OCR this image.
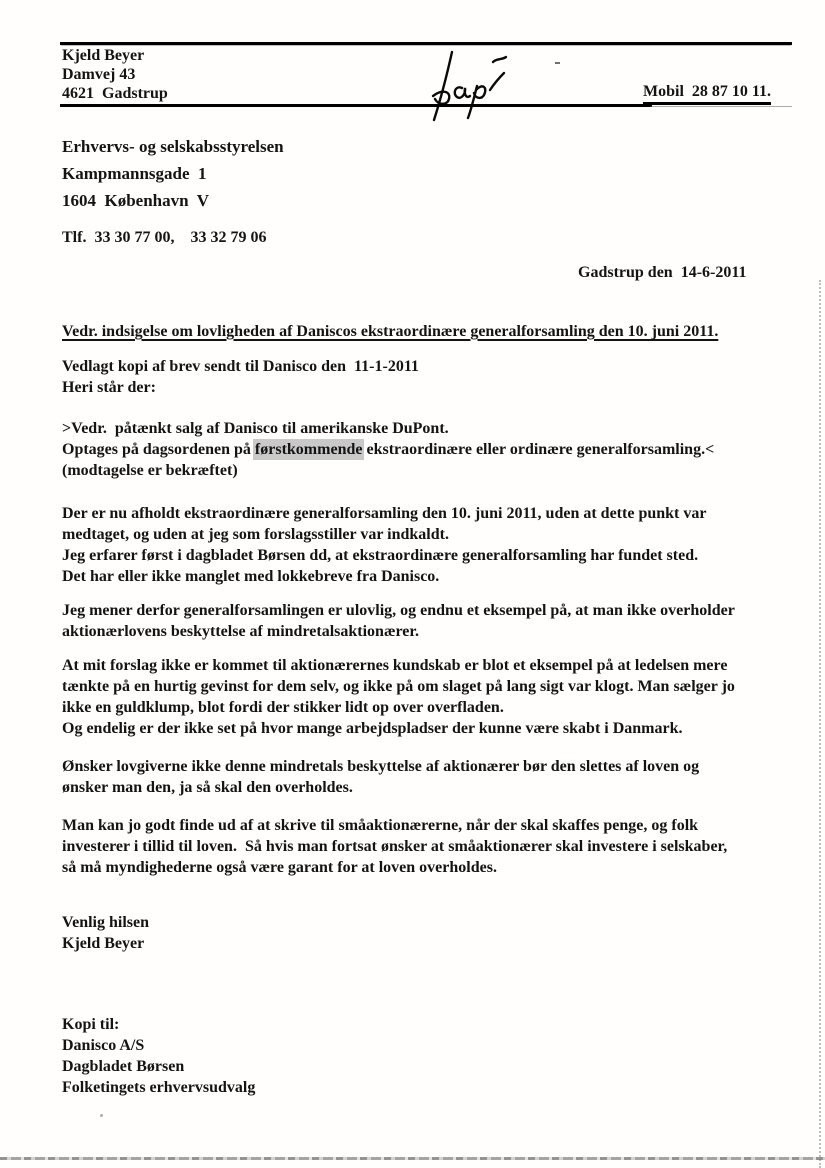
Kjeld Beyer
Damvej 43
4621  Gadstrup	Mobil  28 87 10 11.
Erhvervs- og selskabsstyrelsen
Kampmannsgade  1
1604  København  V
Tlf.  33 30 77 00,    33 32 79 06
Gadstrup den  14-6-2011
Vedr. indsigelse om lovligheden af Daniscos ekstraordinære generalforsamling den 10. juni 2011.
Vedlagt kopi af brev sendt til Danisco den  11-1-2011
Heri står der:
>Vedr.  påtænkt salg af Danisco til amerikanske DuPont.
Optages på dagsordenen på førstkommende ekstraordinære eller ordinære generalforsamling.<
(modtagelse er bekræftet)
Der er nu afholdt ekstraordinære generalforsamling den 10. juni 2011, uden at dette punkt var
medtaget, og uden at jeg som forslagsstiller var indkaldt.
Jeg erfarer først i dagbladet Børsen dd, at ekstraordinære generalforsamling har fundet sted.
Det har eller ikke manglet med lokkebreve fra Danisco.
Jeg mener derfor generalforsamlingen er ulovlig, og endnu et eksempel på, at man ikke overholder
aktionærlovens beskyttelse af mindretalsaktionærer.
At mit forslag ikke er kommet til aktionærernes kundskab er blot et eksempel på at ledelsen mere
tænkte på en hurtig gevinst for dem selv, og ikke på om slaget på lang sigt var klogt. Man sælger jo
ikke en guldklump, blot fordi der stikker lidt op over overfladen.
Og endelig er der ikke set på hvor mange arbejdspladser der kunne være skabt i Danmark.
Ønsker lovgiverne ikke denne mindretals beskyttelse af aktionærer bør den slettes af loven og
ønsker man den, ja så skal den overholdes.
Man kan jo godt finde ud af at skrive til småaktionærerne, når der skal skaffes penge, og folk
investerer i tillid til loven.  Så hvis man fortsat ønsker at småaktionærer skal investere i selskaber,
så må myndighederne også være garant for at loven overholdes.
Venlig hilsen
Kjeld Beyer
Kopi til:
Danisco A/S
Dagbladet Børsen
Folketingets erhvervsudvalg
